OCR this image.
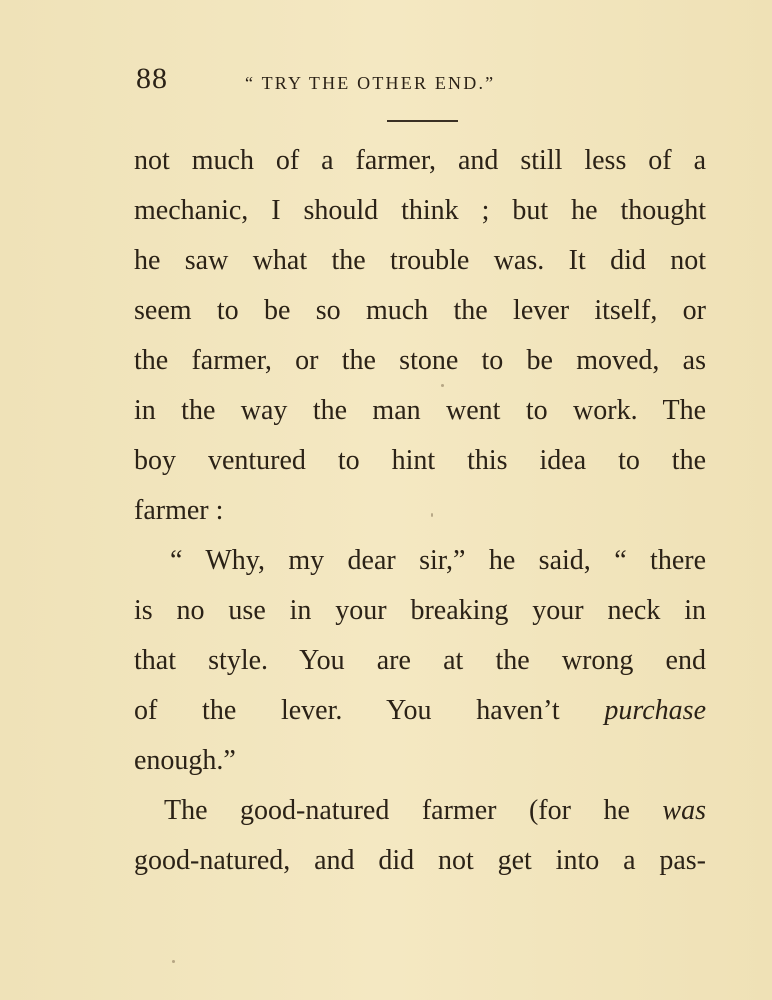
88	“ TRY THE OTHER END.”
not much of a farmer, and still less of a
mechanic, I should think ; but he thought
he saw what the trouble was. It did not
seem to be so much the lever itself, or
the farmer, or the stone to be moved, as
in the way the man went to work. The
boy ventured to hint this idea to the
farmer :
“ Why, my dear sir,” he said, “ there
is no use in your breaking your neck in
that style. You are at the wrong end
of the lever. You haven’t purchase
enough.”
The good-natured farmer (for he was
good-natured, and did not get into a pas-
